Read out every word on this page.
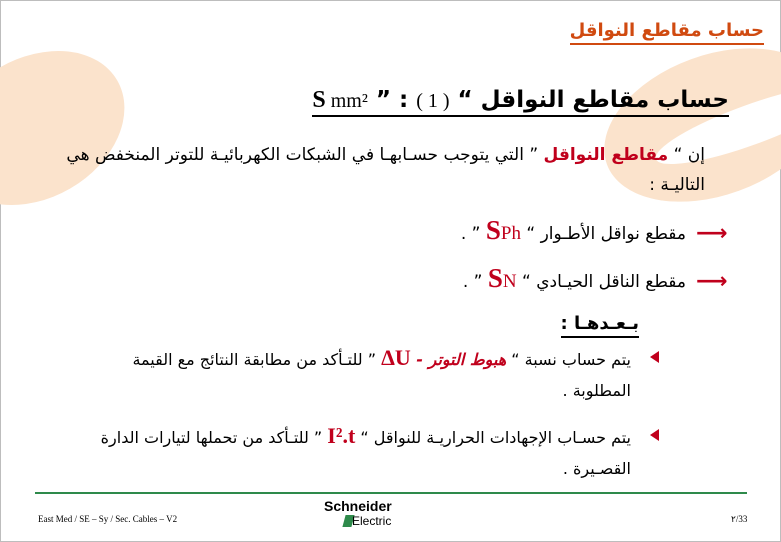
حساب مقاطع النواقل
حساب مقاطع النواقل “ S mm² ” : ( 1 )
إن “ مقاطع النواقل ” التي يتوجب حسـابهـا في الشبكات الكهربائيـة للتوتر المنخفض هي التاليـة :
⟶
مقطع نواقل الأطـوار “ SPh ” .
⟶
مقطع الناقل الحيـادي “ SN ” .
بـعـدهـا :
يتم حساب نسبة “ هبوط التوتر - ΔU ” للتـأكد من مطابقة النتائج مع القيمة المطلوبة .
يتم حسـاب الإجهادات الحراريـة للنواقل “ I².t ” للتـأكد من تحملها لتيارات الدارة القصـيرة .
East Med / SE – Sy / Sec. Cables – V2
Schneider
Electric	٢/33
